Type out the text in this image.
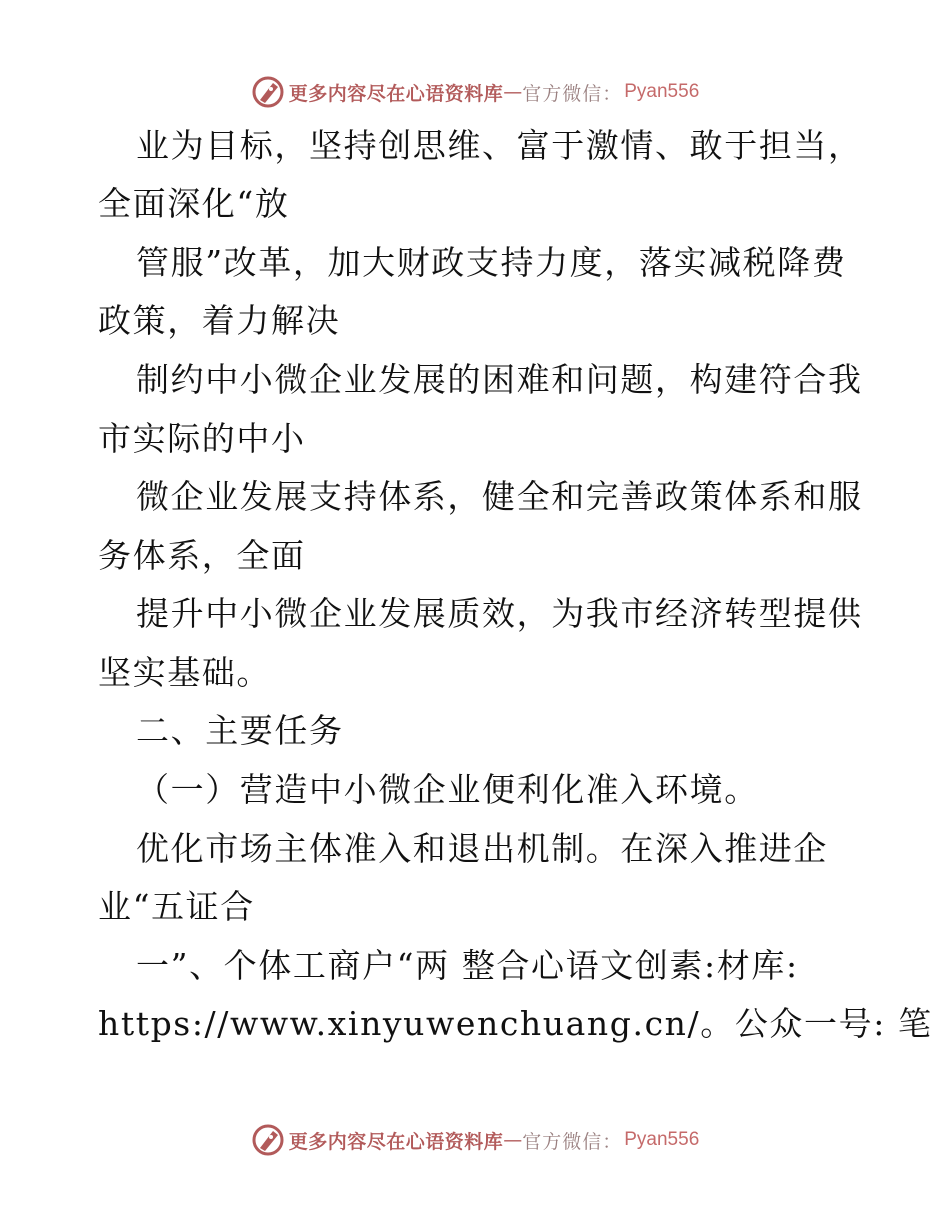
更多内容尽在心语资料库 — 官方微信： Pyan556
业为目标，坚持创思维、富于激情、敢于担当，
全面深化“放
管服”改革，加大财政支持力度，落实减税降费
政策，着力解决
制约中小微企业发展的困难和问题，构建符合我
市实际的中小
微企业发展支持体系，健全和完善政策体系和服
务体系，全面
提升中小微企业发展质效，为我市经济转型提供
坚实基础。
二、主要任务
（一）营造中小微企业便利化准入环境。
优化市场主体准入和退出机制。在深入推进企
业“五证合
一”、个体工商户“两 整合心语文创素:材库:
https://www.xinyuwenchuang.cn/。公众一号: 笔
更多内容尽在心语资料库 — 官方微信： Pyan556
